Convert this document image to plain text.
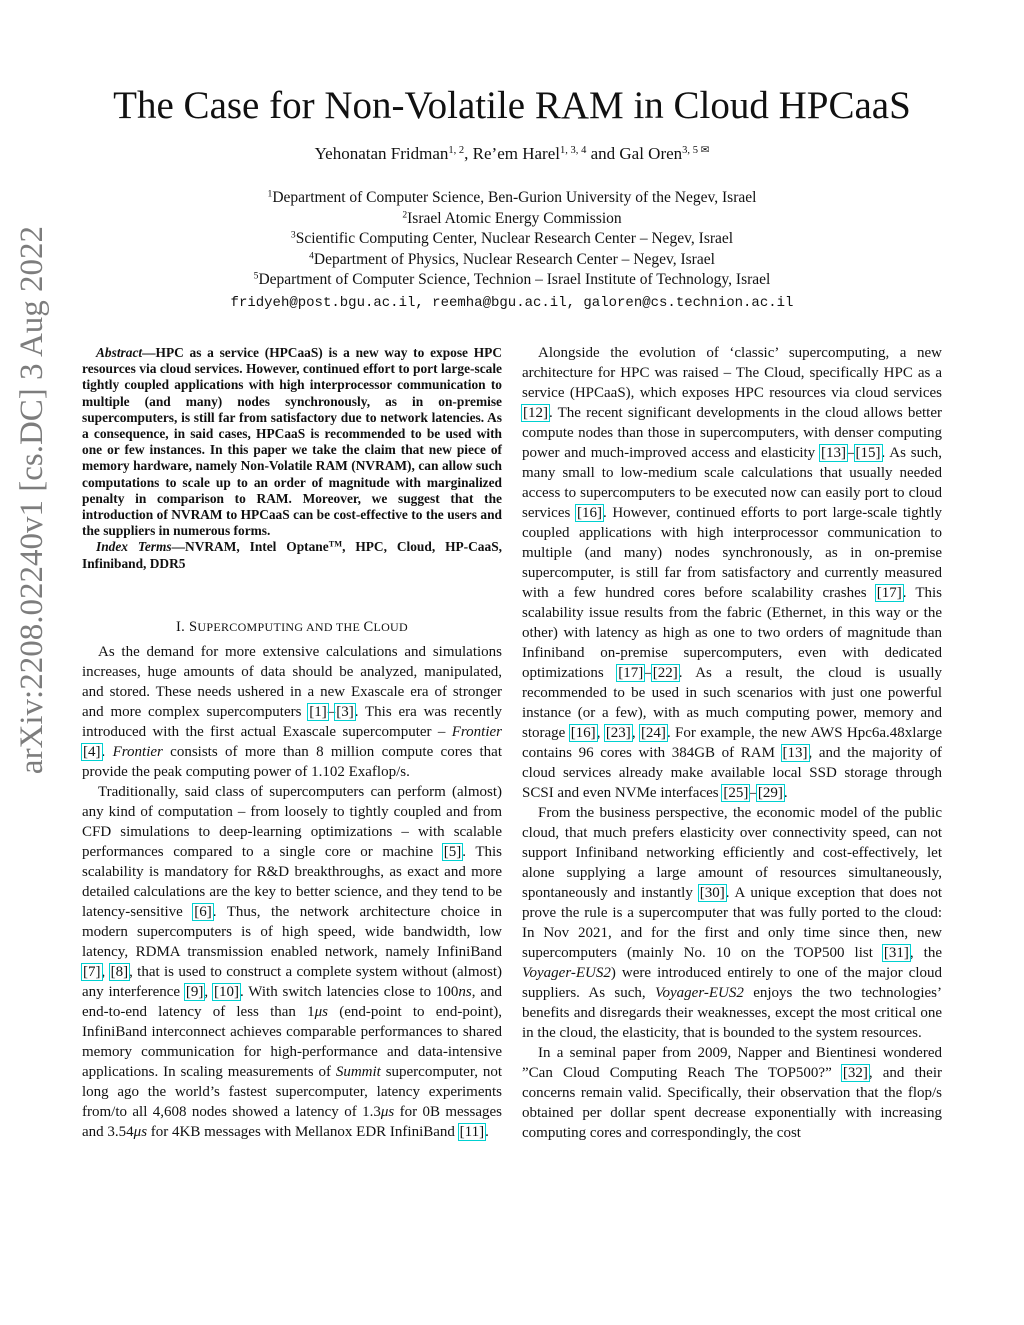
The Case for Non-Volatile RAM in Cloud HPCaaS
Yehonatan Fridman$^{1, 2}$, Re’em Harel$^{1, 3, 4}$ and Gal Oren$^{3, 5 ✉}$
$^1$Department of Computer Science, Ben-Gurion University of the Negev, Israel
$^2$Israel Atomic Energy Commission
$^3$Scientific Computing Center, Nuclear Research Center – Negev, Israel
$^4$Department of Physics, Nuclear Research Center – Negev, Israel
$^5$Department of Computer Science, Technion – Israel Institute of Technology, Israel
fridyeh@post.bgu.ac.il, reemha@bgu.ac.il, galoren@cs.technion.ac.il
arXiv:2208.02240v1 [cs.DC] 3 Aug 2022	Abstract—HPC as a service (HPCaaS) is a new way to expose HPC resources via cloud services. However, continued effort to port large-scale tightly coupled applications with high interprocessor communication to multiple (and many) nodes synchronously, as in on-premise supercomputers, is still far from satisfactory due to network latencies. As a consequence, in said cases, HPCaaS is recommended to be used with one or few instances. In this paper we take the claim that new piece of memory hardware, namely Non-Volatile RAM (NVRAM), can allow such computations to scale up to an order of magnitude with marginalized penalty in comparison to RAM. Moreover, we suggest that the introduction of NVRAM to HPCaaS can be cost-effective to the users and the suppliers in numerous forms.

Index Terms—NVRAM, Intel Optane™, HPC, Cloud, HP-CaaS, Infiniband, DDR5

I. SUPERCOMPUTING AND THE CLOUD

As the demand for more extensive calculations and simulations increases, huge amounts of data should be analyzed, manipulated, and stored. These needs ushered in a new Exascale era of stronger and more complex supercomputers [1]–[3]. This era was recently introduced with the first actual Exascale supercomputer – Frontier [4]. Frontier consists of more than 8 million compute cores that provide the peak computing power of 1.102 Exaflop/s.

Traditionally, said class of supercomputers can perform (almost) any kind of computation – from loosely to tightly coupled and from CFD simulations to deep-learning optimizations – with scalable performances compared to a single core or machine [5]. This scalability is mandatory for R&D breakthroughs, as exact and more detailed calculations are the key to better science, and they tend to be latency-sensitive [6]. Thus, the network architecture choice in modern supercomputers is of high speed, wide bandwidth, low latency, RDMA transmission enabled network, namely InfiniBand [7], [8], that is used to construct a complete system without (almost) any interference [9], [10]. With switch latencies close to 100ns, and end-to-end latency of less than 1μs (end-point to end-point), InfiniBand interconnect achieves comparable performances to shared memory communication for high-performance and data-intensive applications. In scaling measurements of Summit supercomputer, not long ago the world’s fastest supercomputer, latency experiments from/to all 4,608 nodes showed a latency of 1.3μs for 0B messages and 3.54μs for 4KB messages with Mellanox EDR InfiniBand [11].

Alongside the evolution of ‘classic’ supercomputing, a new architecture for HPC was raised – The Cloud, specifically HPC as a service (HPCaaS), which exposes HPC resources via cloud services [12]. The recent significant developments in the cloud allows better compute nodes than those in supercomputers, with denser computing power and much-improved access and elasticity [13]–[15]. As such, many small to low-medium scale calculations that usually needed access to supercomputers to be executed now can easily port to cloud services [16]. However, continued efforts to port large-scale tightly coupled applications with high interprocessor communication to multiple (and many) nodes synchronously, as in on-premise supercomputer, is still far from satisfactory and currently measured with a few hundred cores before scalability crashes [17]. This scalability issue results from the fabric (Ethernet, in this way or the other) with latency as high as one to two orders of magnitude than Infiniband on-premise supercomputers, even with dedicated optimizations [17]–[22]. As a result, the cloud is usually recommended to be used in such scenarios with just one powerful instance (or a few), with as much computing power, memory and storage [16], [23], [24]. For example, the new AWS Hpc6a.48xlarge contains 96 cores with 384GB of RAM [13], and the majority of cloud services already make available local SSD storage through SCSI and even NVMe interfaces [25]–[29].

From the business perspective, the economic model of the public cloud, that much prefers elasticity over connectivity speed, can not support Infiniband networking efficiently and cost-effectively, let alone supplying a large amount of resources simultaneously, spontaneously and instantly [30]. A unique exception that does not prove the rule is a supercomputer that was fully ported to the cloud: In Nov 2021, and for the first and only time since then, new supercomputers (mainly No. 10 on the TOP500 list [31], the Voyager-EUS2) were introduced entirely to one of the major cloud suppliers. As such, Voyager-EUS2 enjoys the two technologies’ benefits and disregards their weaknesses, except the most critical one in the cloud, the elasticity, that is bounded to the system resources.

In a seminal paper from 2009, Napper and Bientinesi wondered ”Can Cloud Computing Reach The TOP500?” [32], and their concerns remain valid. Specifically, their observation that the flop/s obtained per dollar spent decrease exponentially with increasing computing cores and correspondingly, the cost
